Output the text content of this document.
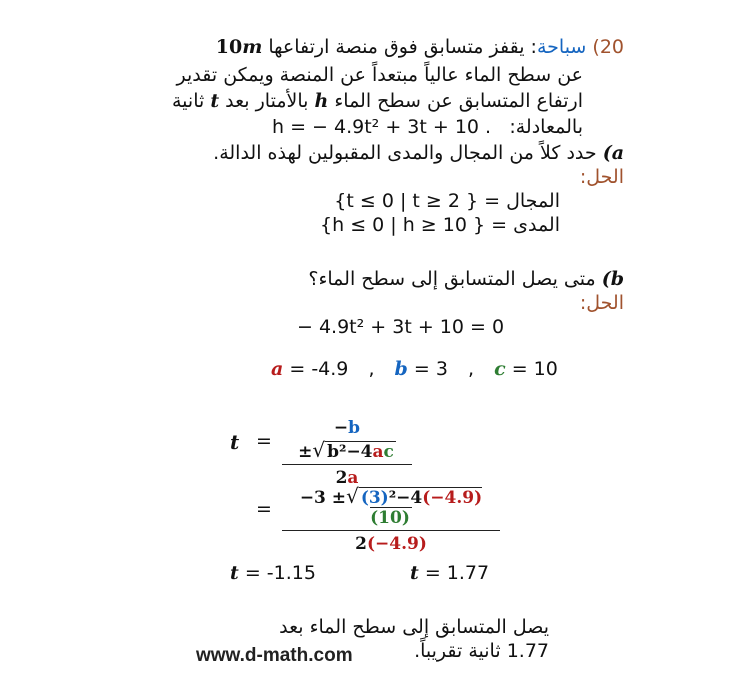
20) سباحة: يقفز متسابق فوق منصة ارتفاعها 10m
عن سطح الماء عالياً مبتعداً عن المنصة ويمكن تقدير
ارتفاع المتسابق عن سطح الماء h بالأمتار بعد t ثانية
بالمعادلة:
h = − 4.9t² + 3t + 10 .
a) حدد كلاً من المجال والمدى المقبولين لهذه الدالة.
الحل:
المجال = { 2 ≤ t ≤ 0 | t}
المدى = { 10 ≤ h ≤ 0 | h}
b) متى يصل المتسابق إلى سطح الماء؟
الحل:
− 4.9t² + 3t + 10 = 0
a = -4.9 , b = 3 , c = 10
$t = \frac{\text{−b ±√ b²−4ac}}{2a}$
= $\frac{\text{−3 ±√ (3)²−4(−4.9)(10)}}{2(-4.9)}$
t = -1.15	t = 1.77
يصل المتسابق إلى سطح الماء بعد
1.77 ثانية تقريباً.
www.d-math.com
